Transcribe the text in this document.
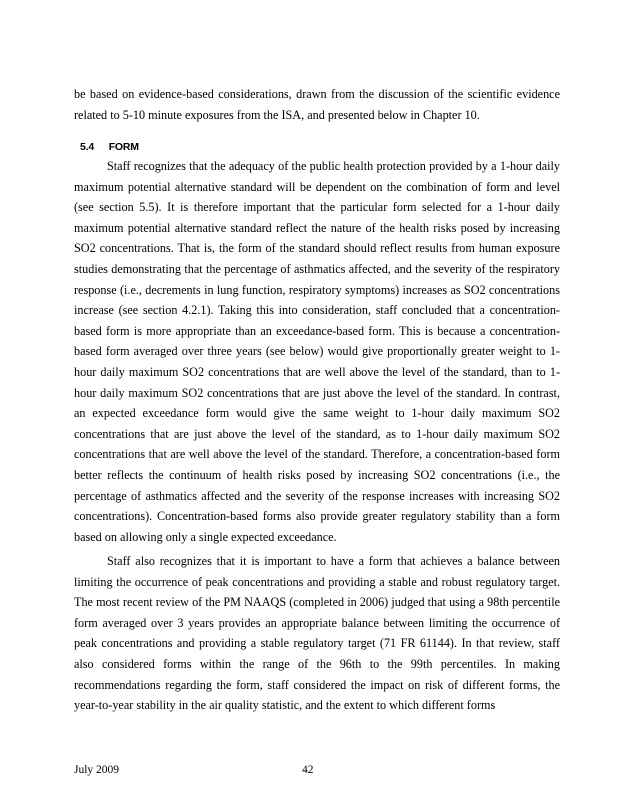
be based on evidence-based considerations, drawn from the discussion of the scientific evidence related to 5-10 minute exposures from the ISA, and presented below in Chapter 10.

5.4 FORM

Staff recognizes that the adequacy of the public health protection provided by a 1-hour daily maximum potential alternative standard will be dependent on the combination of form and level (see section 5.5). It is therefore important that the particular form selected for a 1-hour daily maximum potential alternative standard reflect the nature of the health risks posed by increasing SO2 concentrations. That is, the form of the standard should reflect results from human exposure studies demonstrating that the percentage of asthmatics affected, and the severity of the respiratory response (i.e., decrements in lung function, respiratory symptoms) increases as SO2 concentrations increase (see section 4.2.1). Taking this into consideration, staff concluded that a concentration-based form is more appropriate than an exceedance-based form. This is because a concentration-based form averaged over three years (see below) would give proportionally greater weight to 1-hour daily maximum SO2 concentrations that are well above the level of the standard, than to 1-hour daily maximum SO2 concentrations that are just above the level of the standard. In contrast, an expected exceedance form would give the same weight to 1-hour daily maximum SO2 concentrations that are just above the level of the standard, as to 1-hour daily maximum SO2 concentrations that are well above the level of the standard. Therefore, a concentration-based form better reflects the continuum of health risks posed by increasing SO2 concentrations (i.e., the percentage of asthmatics affected and the severity of the response increases with increasing SO2 concentrations). Concentration-based forms also provide greater regulatory stability than a form based on allowing only a single expected exceedance.

Staff also recognizes that it is important to have a form that achieves a balance between limiting the occurrence of peak concentrations and providing a stable and robust regulatory target. The most recent review of the PM NAAQS (completed in 2006) judged that using a 98th percentile form averaged over 3 years provides an appropriate balance between limiting the occurrence of peak concentrations and providing a stable regulatory target (71 FR 61144). In that review, staff also considered forms within the range of the 96th to the 99th percentiles. In making recommendations regarding the form, staff considered the impact on risk of different forms, the year-to-year stability in the air quality statistic, and the extent to which different forms

July 2009	42
